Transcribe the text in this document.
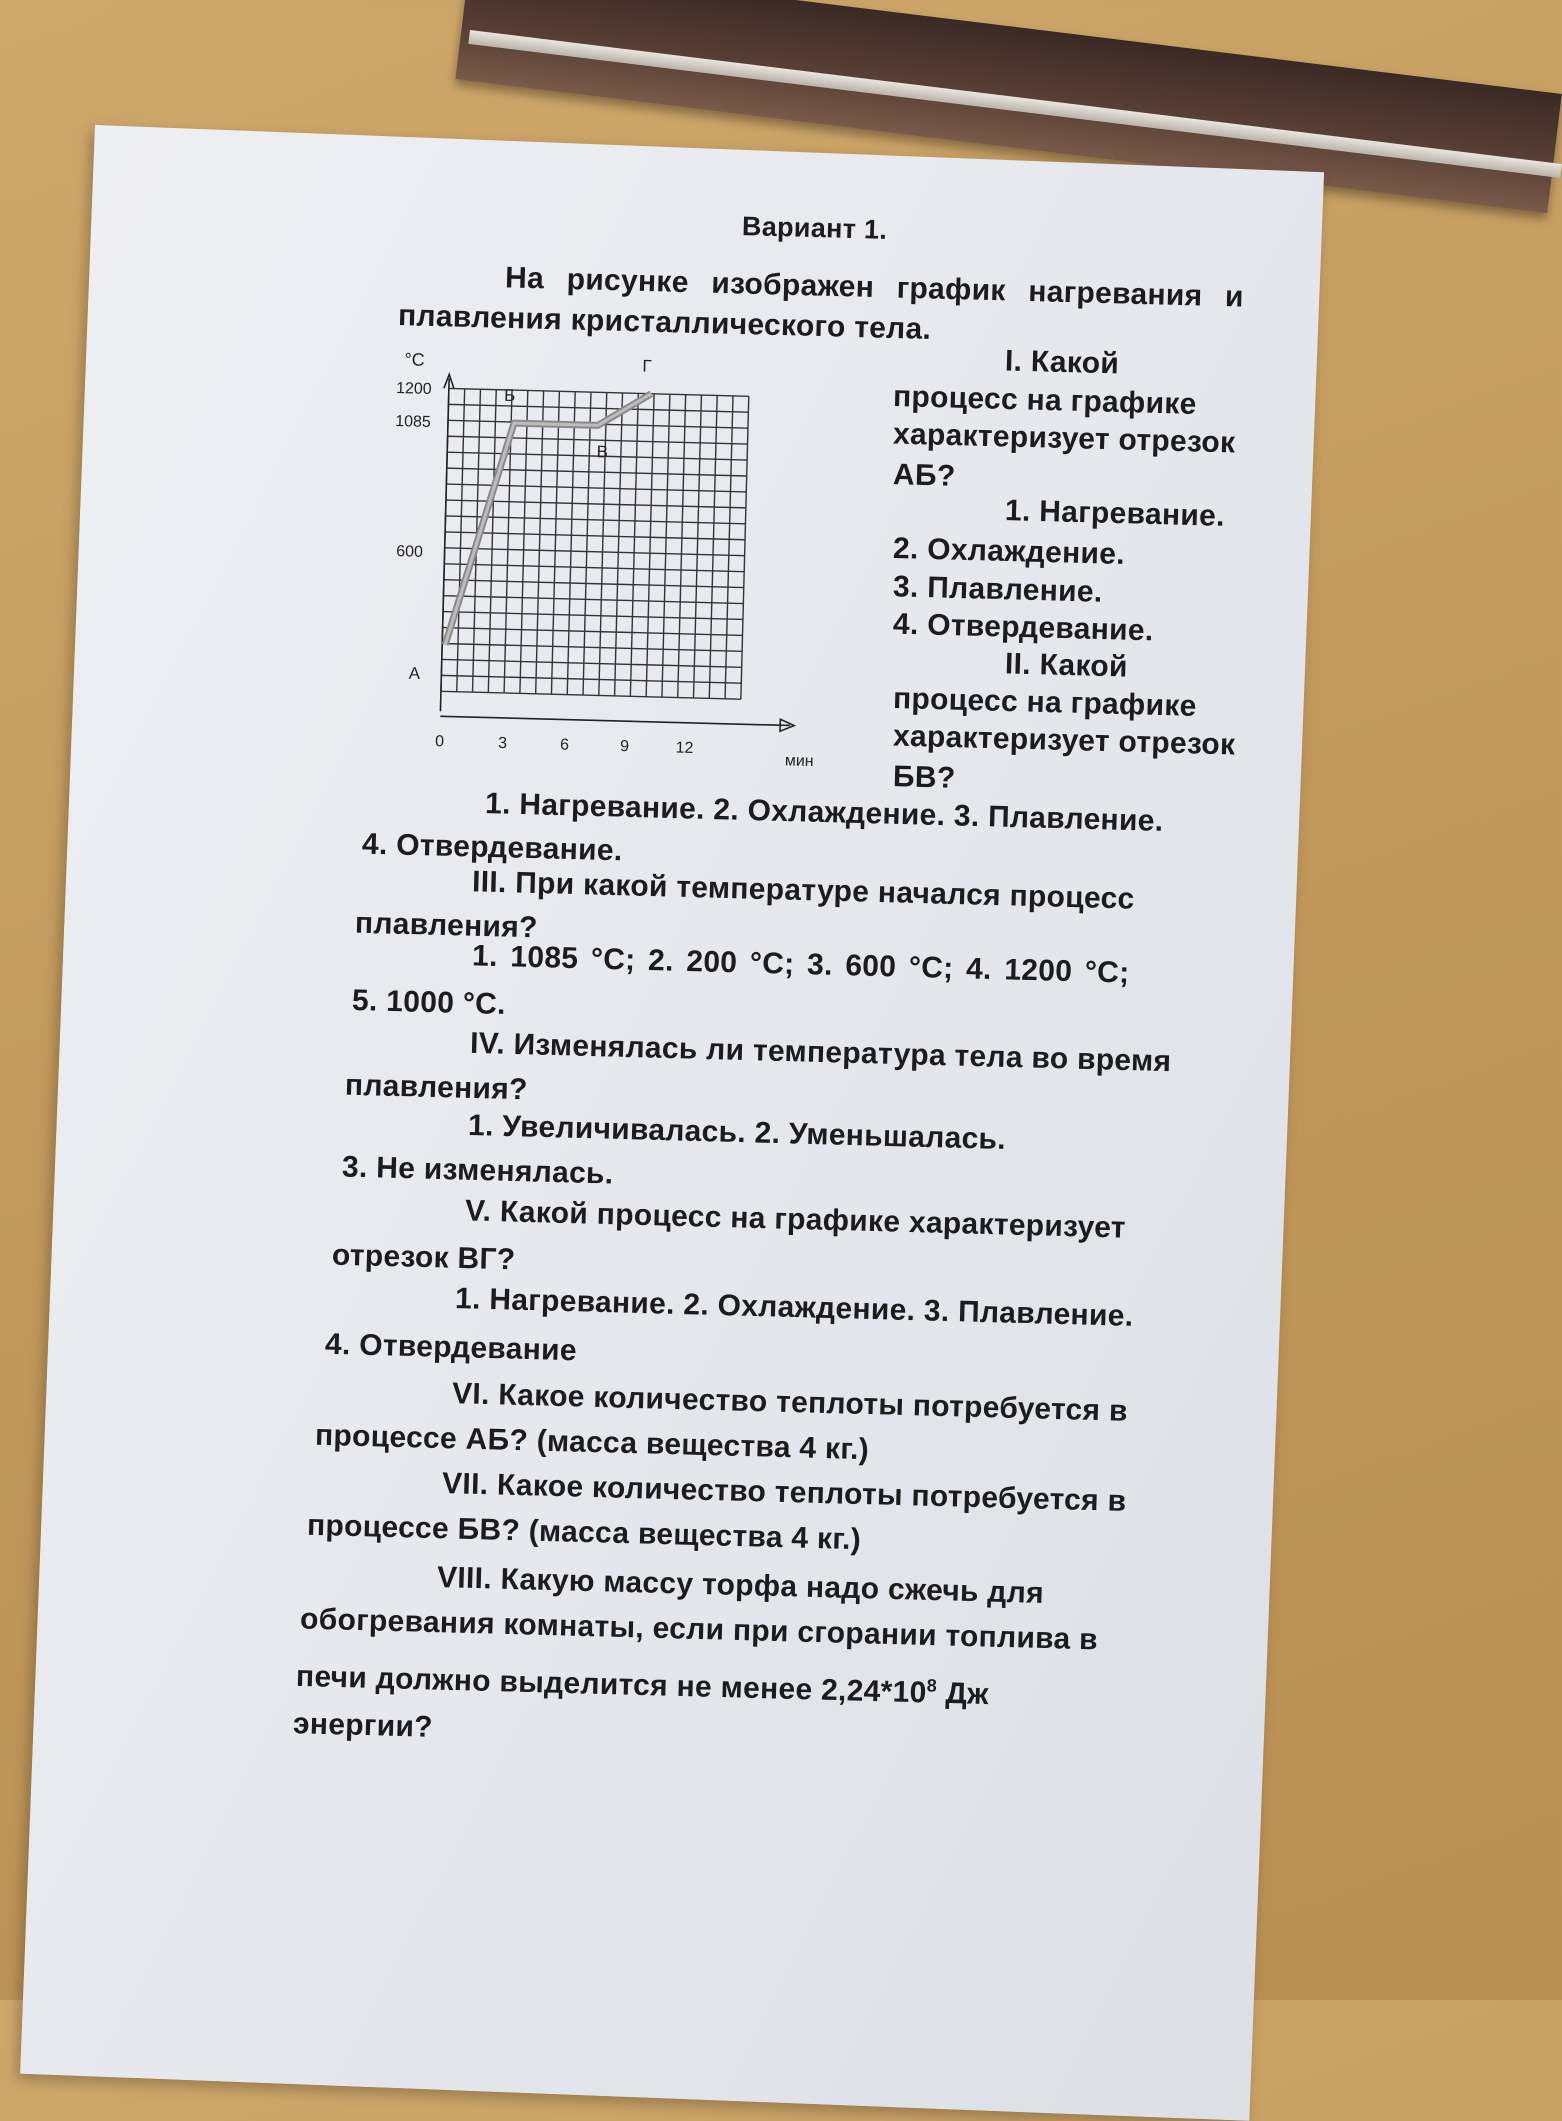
Вариант 1.
На рисунке изображен график нагревания и
плавления кристаллического тела.
°С
600
1085
1200
0	3	6	9	12
мин
А
Б
В
Г	I. Какой
процесс на графике
характеризует отрезок
АБ?
1. Нагревание.
2. Охлаждение.
3. Плавление.
4. Отвердевание.
II. Какой
процесс на графике
характеризует отрезок
БВ?
1. Нагревание. 2. Охлаждение. 3. Плавление.
4. Отвердевание.
III. При какой температуре начался процесс
плавления?
1. 1085 °С; 2. 200 °С; 3. 600 °С; 4. 1200 °С;
5. 1000 °С.
IV. Изменялась ли температура тела во время
плавления?
1. Увеличивалась. 2. Уменьшалась.
3. Не изменялась.
V. Какой процесс на графике характеризует
отрезок ВГ?
1. Нагревание. 2. Охлаждение. 3. Плавление.
4. Отвердевание
VI. Какое количество теплоты потребуется в
процессе АБ? (масса вещества 4 кг.)
VII. Какое количество теплоты потребуется в
процессе БВ? (масса вещества 4 кг.)
VIII. Какую массу торфа надо сжечь для
обогревания комнаты, если при сгорании топлива в
печи должно выделится не менее $2,24*10^8$ Дж
энергии?
